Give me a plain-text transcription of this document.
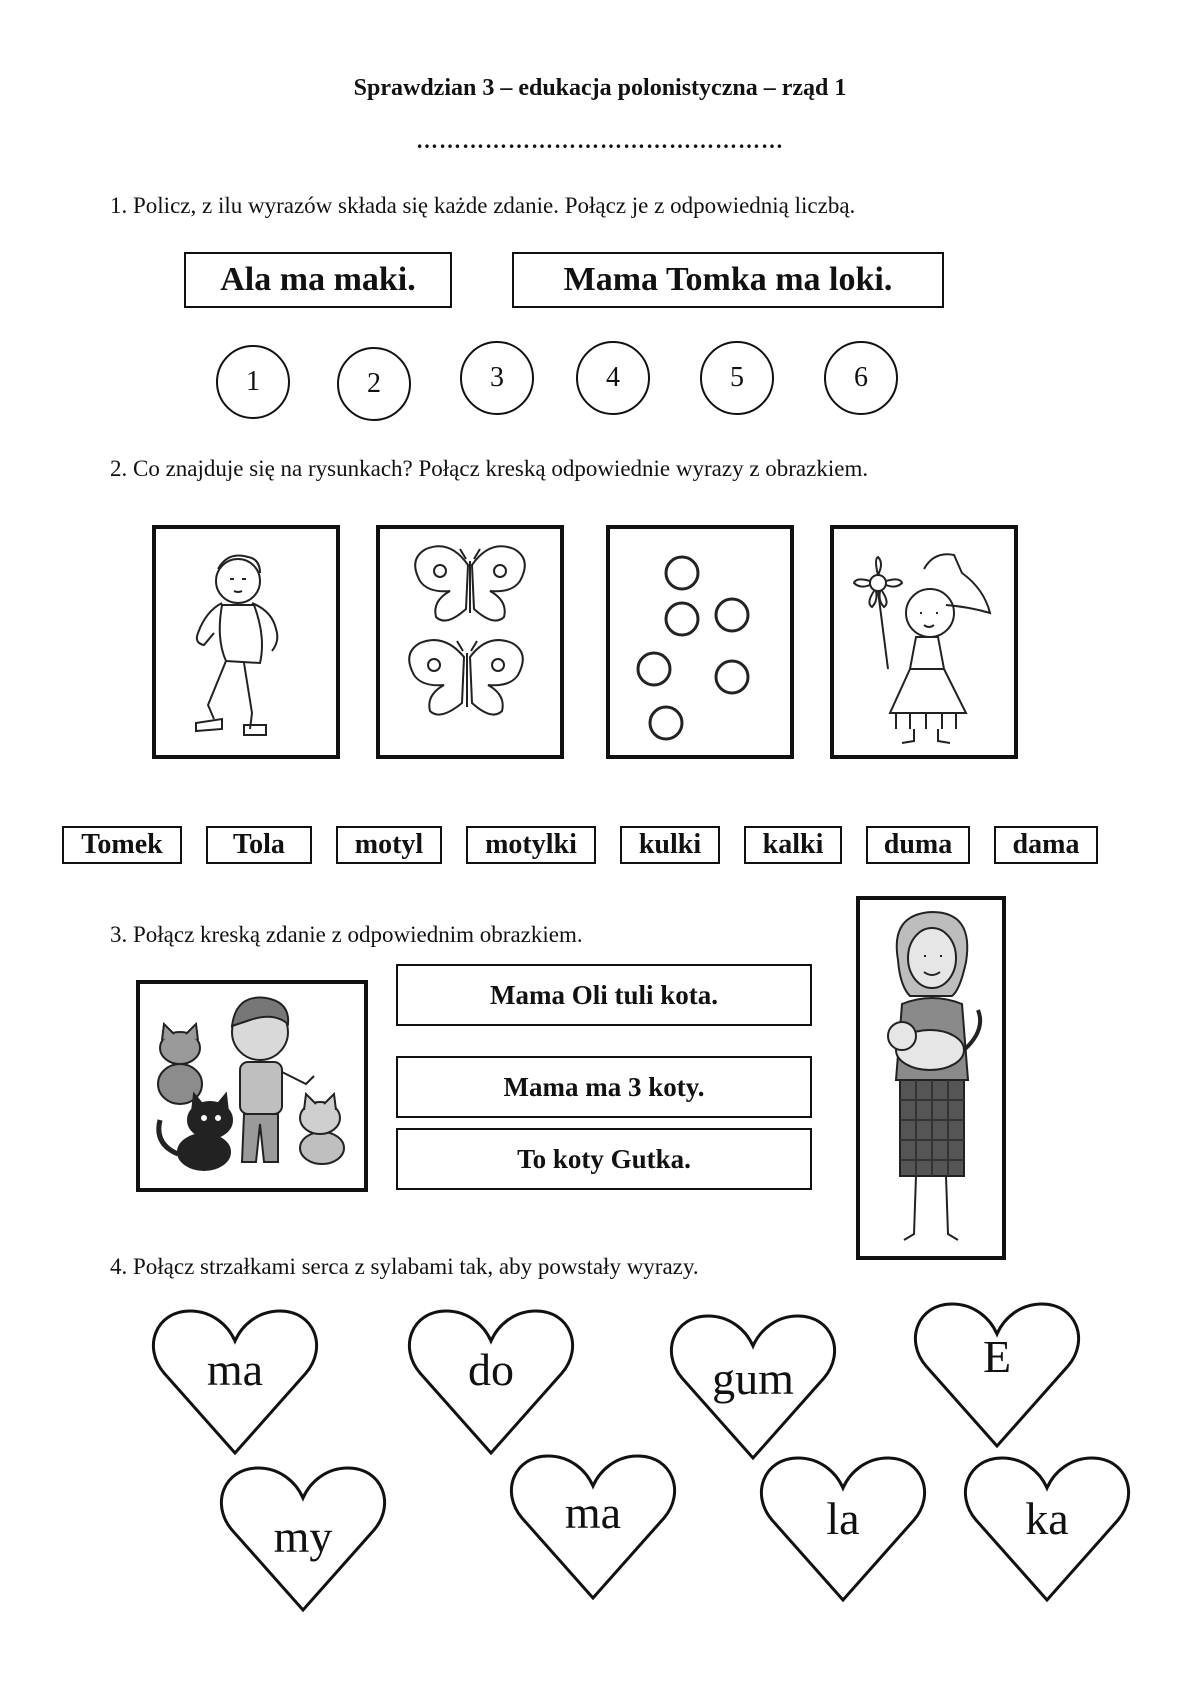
Sprawdzian 3 – edukacja polonistyczna – rząd 1
…………………………………………
1. Policz, z ilu wyrazów składa się każde zdanie. Połącz je z odpowiednią liczbą.
Ala ma maki.	Mama Tomka ma loki.
1	2	3	4	5	6
2. Co znajduje się na rysunkach? Połącz kreską odpowiednie wyrazy z obrazkiem.
Tomek	Tola	motyl	motylki	kulki	kalki	duma	dama
3. Połącz kreską zdanie z odpowiednim obrazkiem.
Mama Oli tuli kota.
Mama ma 3 koty.
To koty Gutka.
4. Połącz strzałkami serca z sylabami tak, aby powstały wyrazy.
ma	do	gum	E
my	ma	la	ka
